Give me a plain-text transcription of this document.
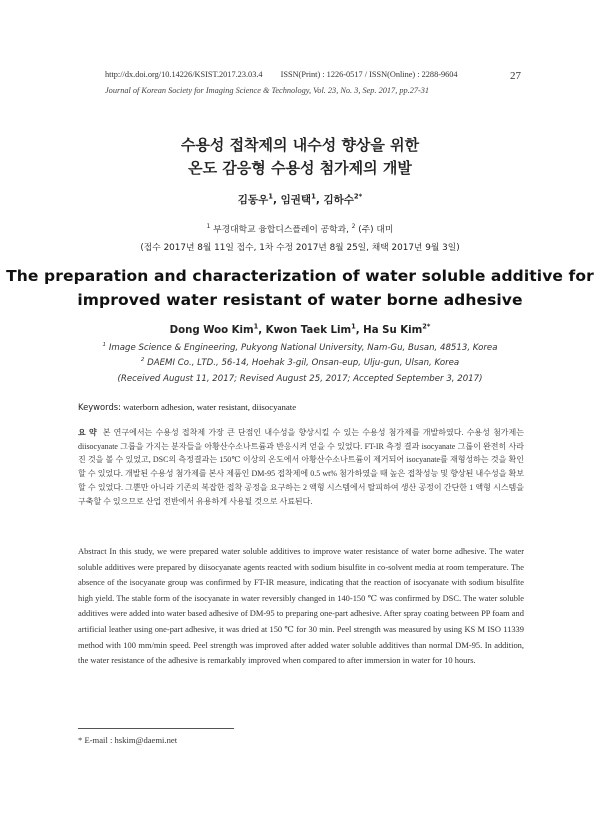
http://dx.doi.org/10.14226/KSIST.2017.23.03.4 ISSN(Print) : 1226-0517 / ISSN(Online) : 2288-9604	27
Journal of Korean Society for Imaging Science & Technology, Vol. 23, No. 3, Sep. 2017, pp.27-31
수용성 접착제의 내수성 향상을 위한
온도 감응형 수용성 첨가제의 개발
김동우$^1$, 임권택$^1$, 김하수$^{2*}$
$^1$ 부경대학교 융합디스플레이 공학과, $^2$ (주) 대미
(접수 2017년 8월 11일 접수, 1차 수정 2017년 8월 25일, 채택 2017년 9월 3일)
The preparation and characterization of water soluble additive for
improved water resistant of water borne adhesive
Dong Woo Kim$^1$, Kwon Taek Lim$^1$, Ha Su Kim$^{2*}$
$^1$ Image Science & Engineering, Pukyong National University, Nam-Gu, Busan, 48513, Korea
$^2$ DAEMI Co., LTD., 56-14, Hoehak 3-gil, Onsan-eup, Ulju-gun, Ulsan, Korea
(Received August 11, 2017; Revised August 25, 2017; Accepted September 3, 2017)
Keywords: waterborn adhesion, water resistant, diisocyanate
요 약 본 연구에서는 수용성 접착제 가장 큰 단점인 내수성을 향상시킬 수 있는 수용성 첨가제를 개발하였다. 수용성 첨가제는 diisocyanate 그룹을 가지는 분자들을 아황산수소나트륨과 반응시켜 얻을 수 있었다. FT-IR 측정 결과 isocyanate 그룹이 완전히 사라진 것을 볼 수 있었고, DSC의 측정결과는 150℃ 이상의 온도에서 아황산수소나트륨이 제거되어 isocyanate를 재형성하는 것을 확인할 수 있었다. 개발된 수용성 첨가제를 본사 제품인 DM-95 접착제에 0.5 wt% 첨가하였을 때 높은 접착성능 및 향상된 내수성을 확보할 수 있었다. 그뿐만 아니라 기존의 복잡한 접착 공정을 요구하는 2 액형 시스템에서 탈피하여 생산 공정이 간단한 1 액형 시스템을 구축할 수 있으므로 산업 전반에서 유용하게 사용될 것으로 사료된다.
Abstract In this study, we were prepared water soluble additives to improve water resistance of water borne adhesive. The water soluble additives were prepared by diisocyanate agents reacted with sodium bisulfite in co-solvent media at room temperature. The absence of the isocyanate group was confirmed by FT-IR measure, indicating that the reaction of isocyanate with sodium bisulfite high yield. The stable form of the isocyanate in water reversibly changed in 140-150 ℃ was confirmed by DSC. The water soluble additives were added into water based adhesive of DM-95 to preparing one-part adhesive. After spray coating between PP foam and artificial leather using one-part adhesive, it was dried at 150 ℃ for 30 min. Peel strength was measured by using KS M ISO 11339 method with 100 mm/min speed. Peel strength was improved after added water soluble additives than normal DM-95. In addition, the water resistance of the adhesive is remarkably improved when compared to after immersion in water for 10 hours.
* E-mail : hskim@daemi.net
